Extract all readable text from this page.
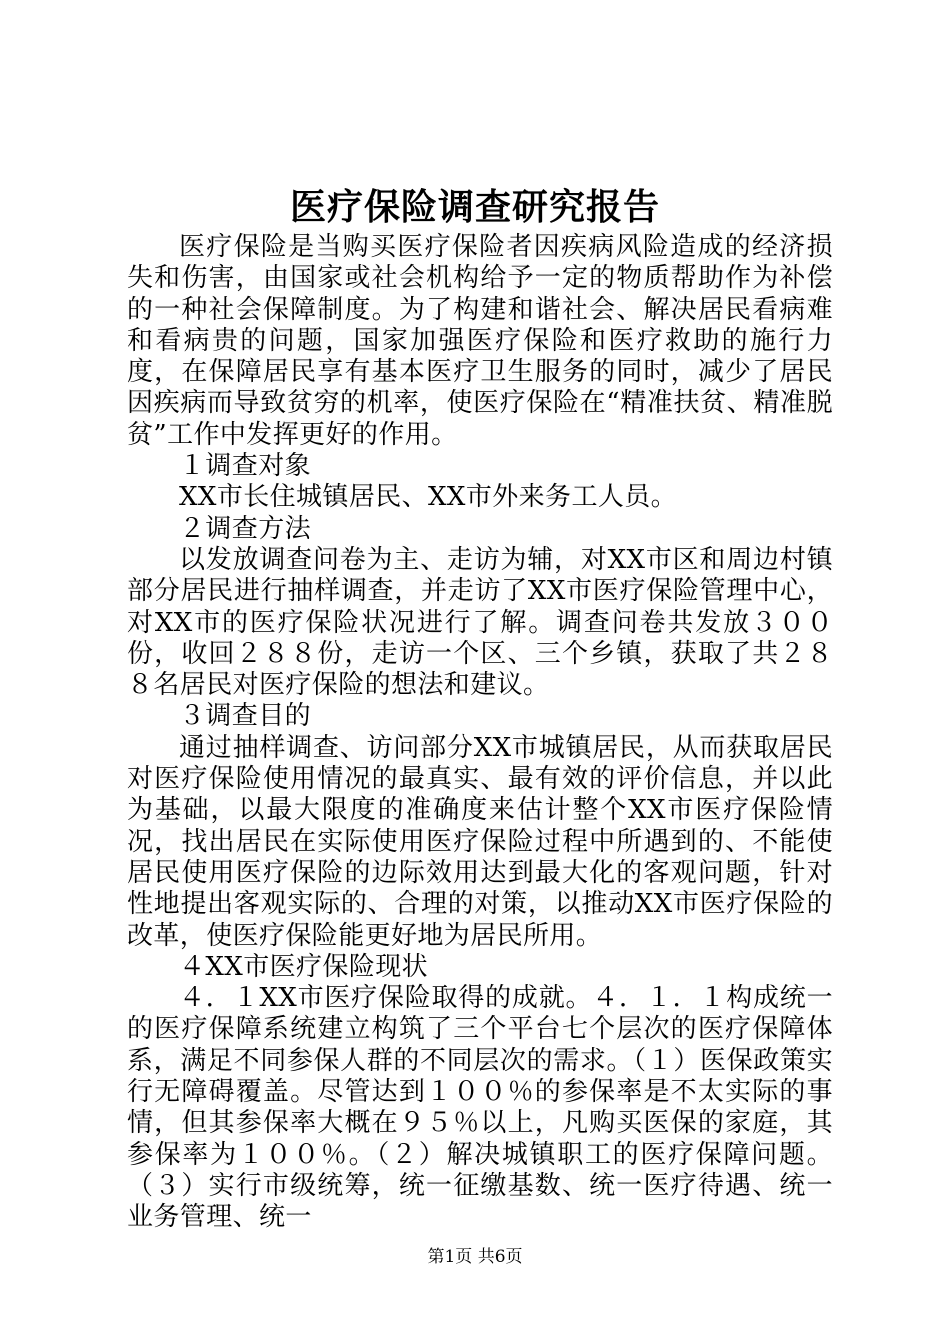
医疗保险调查研究报告

医疗保险是当购买医疗保险者因疾病风险造成的经济损失和伤害，由国家或社会机构给予一定的物质帮助作为补偿的一种社会保障制度。为了构建和谐社会、解决居民看病难和看病贵的问题，国家加强医疗保险和医疗救助的施行力度，在保障居民享有基本医疗卫生服务的同时，减少了居民因疾病而导致贫穷的机率，使医疗保险在“精准扶贫、精准脱贫”工作中发挥更好的作用。

１调查对象

XX市长住城镇居民、XX市外来务工人员。

２调查方法

以发放调查问卷为主、走访为辅，对XX市区和周边村镇部分居民进行抽样调查，并走访了XX市医疗保险管理中心，对XX市的医疗保险状况进行了解。调查问卷共发放３００份，收回２８８份，走访一个区、三个乡镇，获取了共２８８名居民对医疗保险的想法和建议。

３调查目的

通过抽样调查、访问部分XX市城镇居民，从而获取居民对医疗保险使用情况的最真实、最有效的评价信息，并以此为基础，以最大限度的准确度来估计整个XX市医疗保险情况，找出居民在实际使用医疗保险过程中所遇到的、不能使居民使用医疗保险的边际效用达到最大化的客观问题，针对性地提出客观实际的、合理的对策，以推动XX市医疗保险的改革，使医疗保险能更好地为居民所用。

４XX市医疗保险现状

４．１XX市医疗保险取得的成就。４．１．１构成统一的医疗保障系统建立构筑了三个平台七个层次的医疗保障体系，满足不同参保人群的不同层次的需求。（１）医保政策实行无障碍覆盖。尽管达到１００％的参保率是不太实际的事情，但其参保率大概在９５％以上，凡购买医保的家庭，其参保率为１００％。（２）解决城镇职工的医疗保障问题。（３）实行市级统筹，统一征缴基数、统一医疗待遇、统一业务管理、统一

第1页 共6页
